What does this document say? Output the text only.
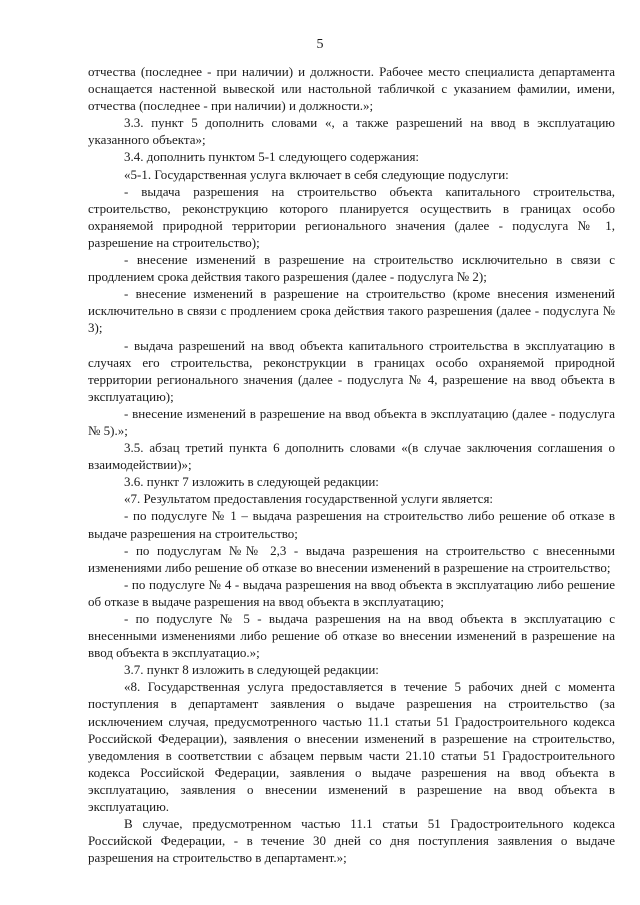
5

отчества (последнее - при наличии) и должности. Рабочее место специалиста департамента оснащается настенной вывеской или настольной табличкой с указанием фамилии, имени, отчества (последнее - при наличии) и должности.»;

3.3. пункт 5 дополнить словами «, а также разрешений на ввод в эксплуатацию указанного объекта»;

3.4. дополнить пунктом 5-1 следующего содержания:

«5-1. Государственная услуга включает в себя следующие подуслуги:

- выдача разрешения на строительство объекта капитального строительства, строительство, реконструкцию которого планируется осуществить в границах особо охраняемой природной территории регионального значения (далее - подуслуга № 1, разрешение на строительство);

- внесение изменений в разрешение на строительство исключительно в связи с продлением срока действия такого разрешения (далее - подуслуга № 2);

- внесение изменений в разрешение на строительство (кроме внесения изменений исключительно в связи с продлением срока действия такого разрешения (далее - подуслуга № 3);

- выдача разрешений на ввод объекта капитального строительства в эксплуатацию в случаях его строительства, реконструкции в границах особо охраняемой природной территории регионального значения (далее - подуслуга № 4, разрешение на ввод объекта в эксплуатацию);

- внесение изменений в разрешение на ввод объекта в эксплуатацию (далее - подуслуга № 5).»;

3.5. абзац третий пункта 6 дополнить словами «(в случае заключения соглашения о взаимодействии)»;

3.6. пункт 7 изложить в следующей редакции:

«7. Результатом предоставления государственной услуги является:

- по подуслуге № 1 – выдача разрешения на строительство либо решение об отказе в выдаче разрешения на строительство;

- по подуслугам №№ 2,3 - выдача разрешения на строительство с внесенными изменениями либо решение об отказе во внесении изменений в разрешение на строительство;

- по подуслуге № 4 - выдача разрешения на ввод объекта в эксплуатацию либо решение об отказе в выдаче разрешения на ввод объекта в эксплуатацию;

- по подуслуге № 5 - выдача разрешения на на ввод объекта в эксплуатацию с внесенными изменениями либо решение об отказе во внесении изменений в разрешение на ввод объекта в эксплуатацио.»;

3.7. пункт 8 изложить в следующей редакции:

«8. Государственная услуга предоставляется в течение 5 рабочих дней с момента поступления в департамент заявления о выдаче разрешения на строительство (за исключением случая, предусмотренного частью 11.1 статьи 51 Градостроительного кодекса Российской Федерации), заявления о внесении изменений в разрешение на строительство, уведомления в соответствии с абзацем первым части 21.10 статьи 51 Градостроительного кодекса Российской Федерации, заявления о выдаче разрешения на ввод объекта в эксплуатацию, заявления о внесении изменений в разрешение на ввод объекта в эксплуатацию.

В случае, предусмотренном частью 11.1 статьи 51 Градостроительного кодекса Российской Федерации, - в течение 30 дней со дня поступления заявления о выдаче разрешения на строительство в департамент.»;
